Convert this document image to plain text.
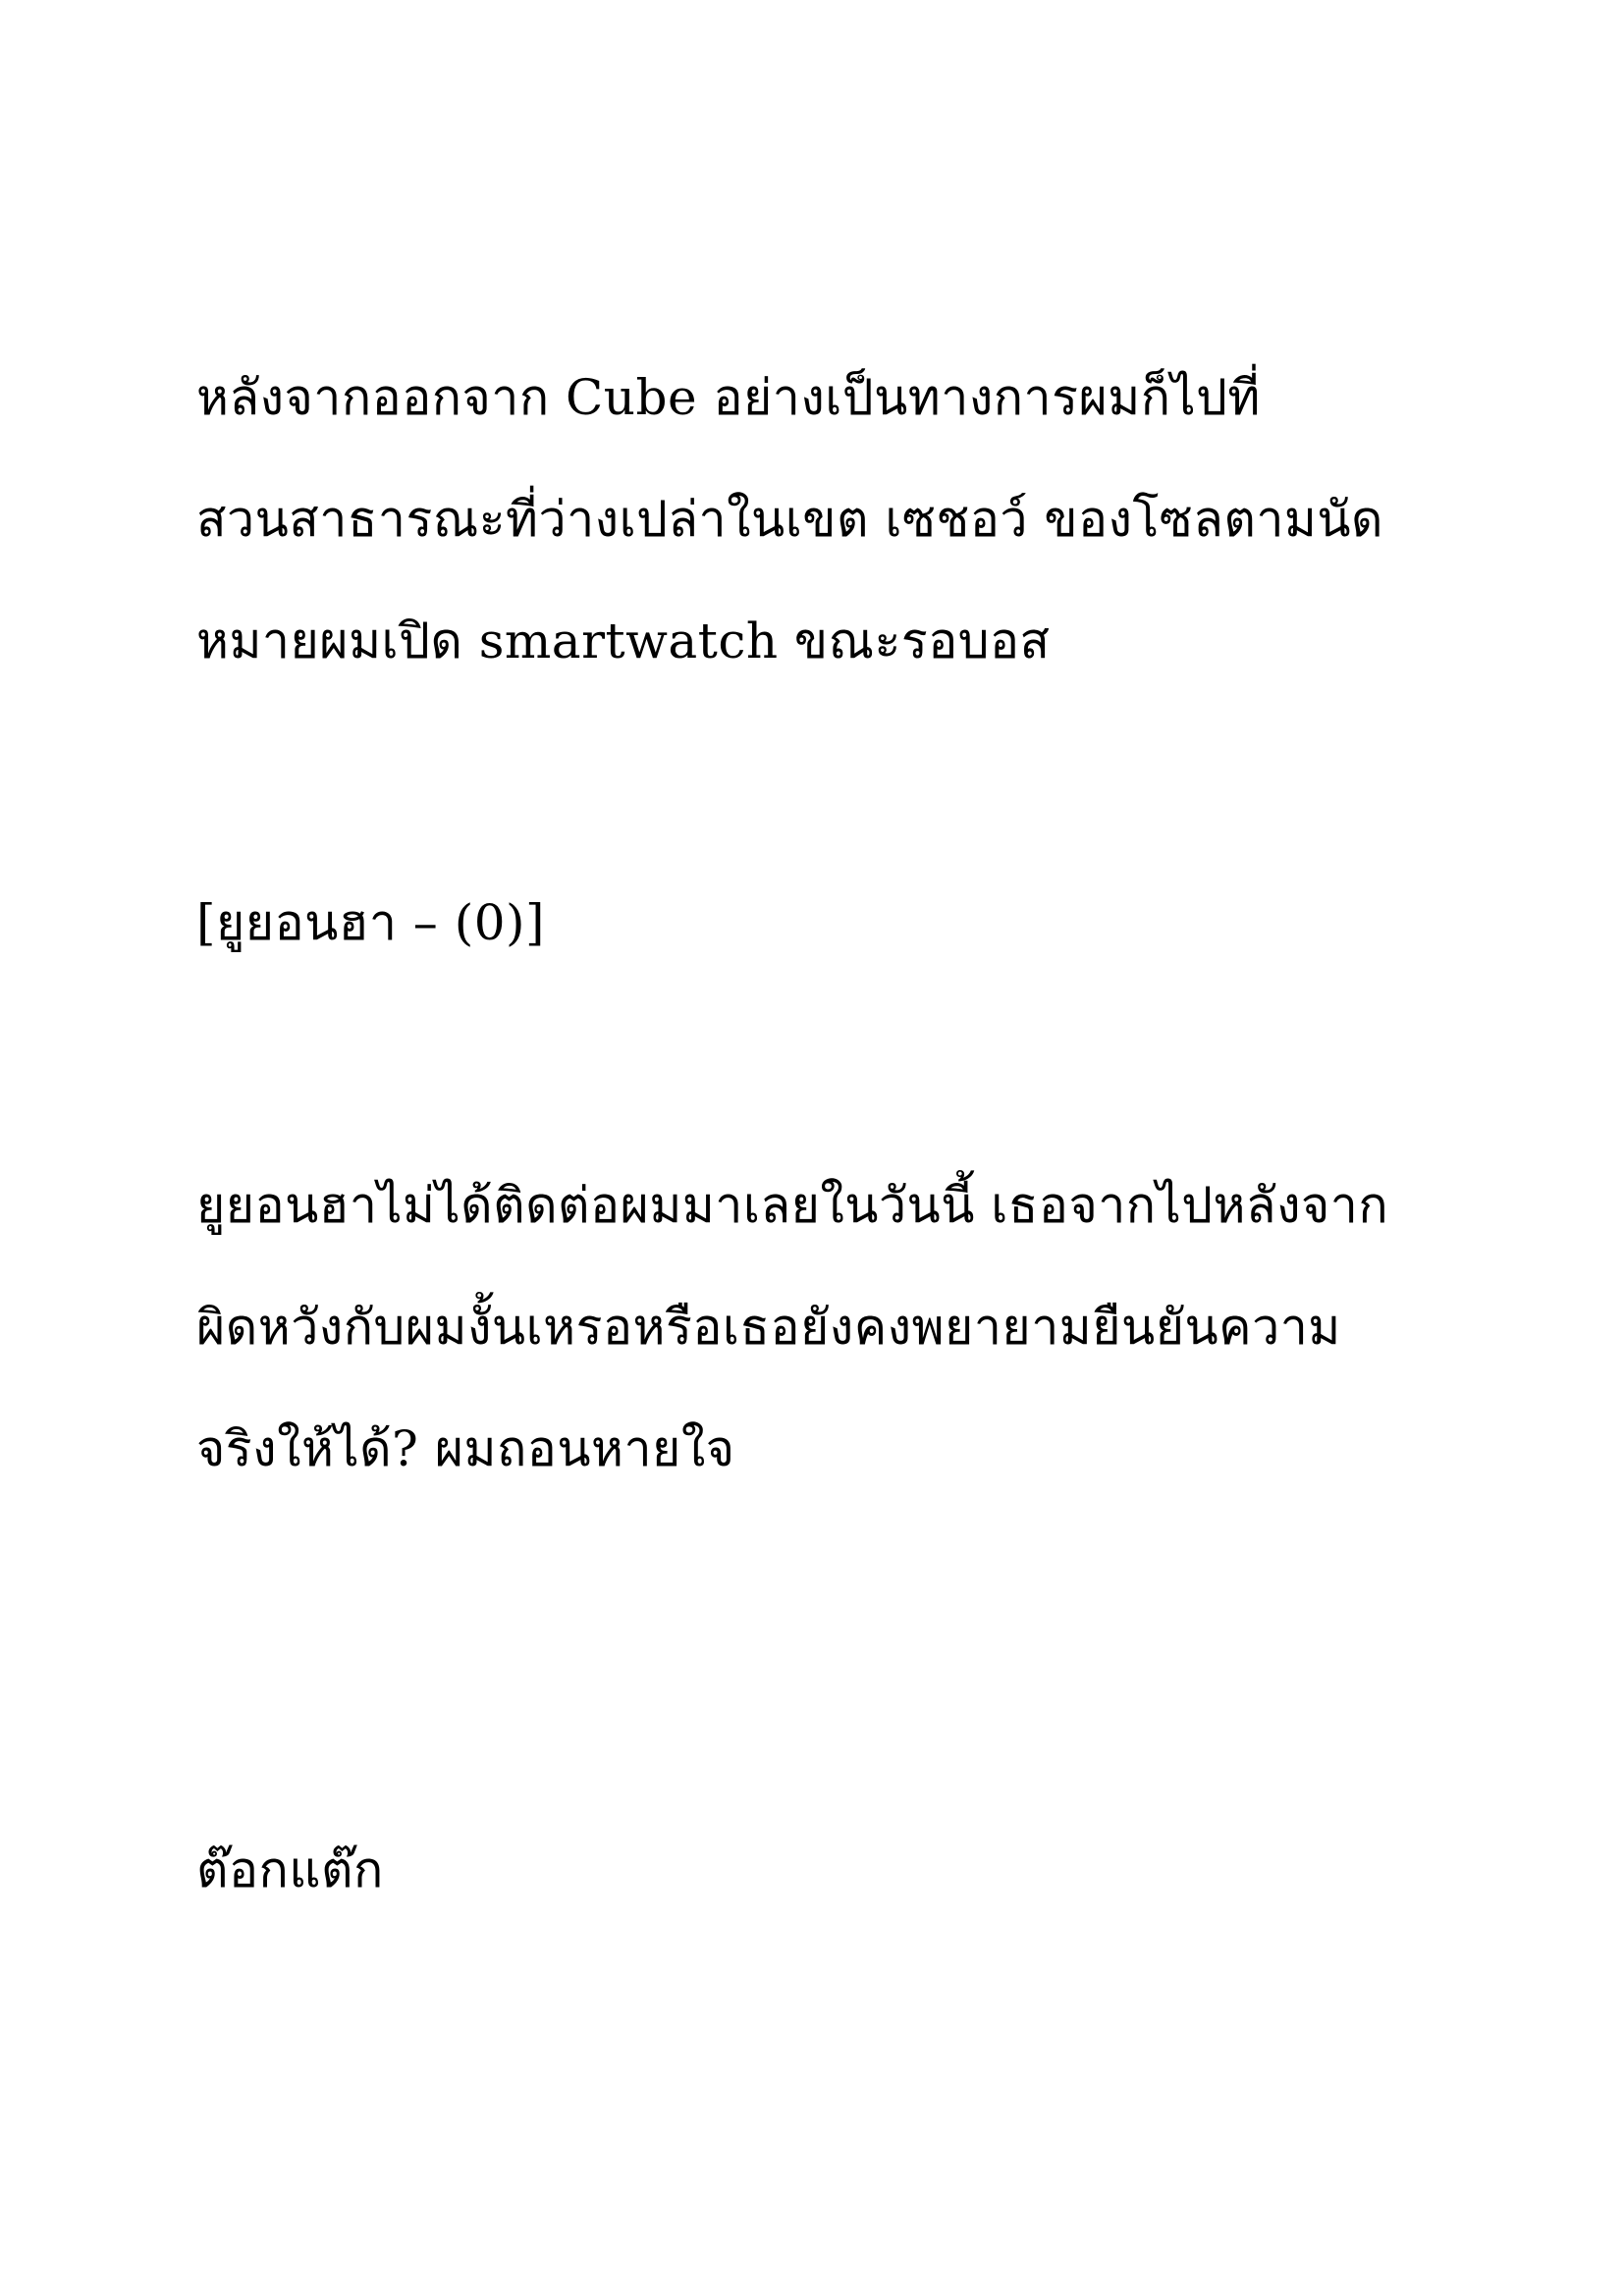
หลังจากออกจาก Cube อย่างเป็นทางการผมก็ไปที่
สวนสาธารณะที่ว่างเปล่าในเขต เซชอว์ ของโซลตามนัด
หมายผมเปิด smartwatch ขณะรอบอส
[ยูยอนฮา – (0)]
ยูยอนฮาไม่ได้ติดต่อผมมาเลยในวันนี้ เธอจากไปหลังจาก
ผิดหวังกับผมงั้นเหรอหรือเธอยังคงพยายามยืนยันความ
จริงให้ได้? ผมถอนหายใจ
ต๊อกแต๊ก
